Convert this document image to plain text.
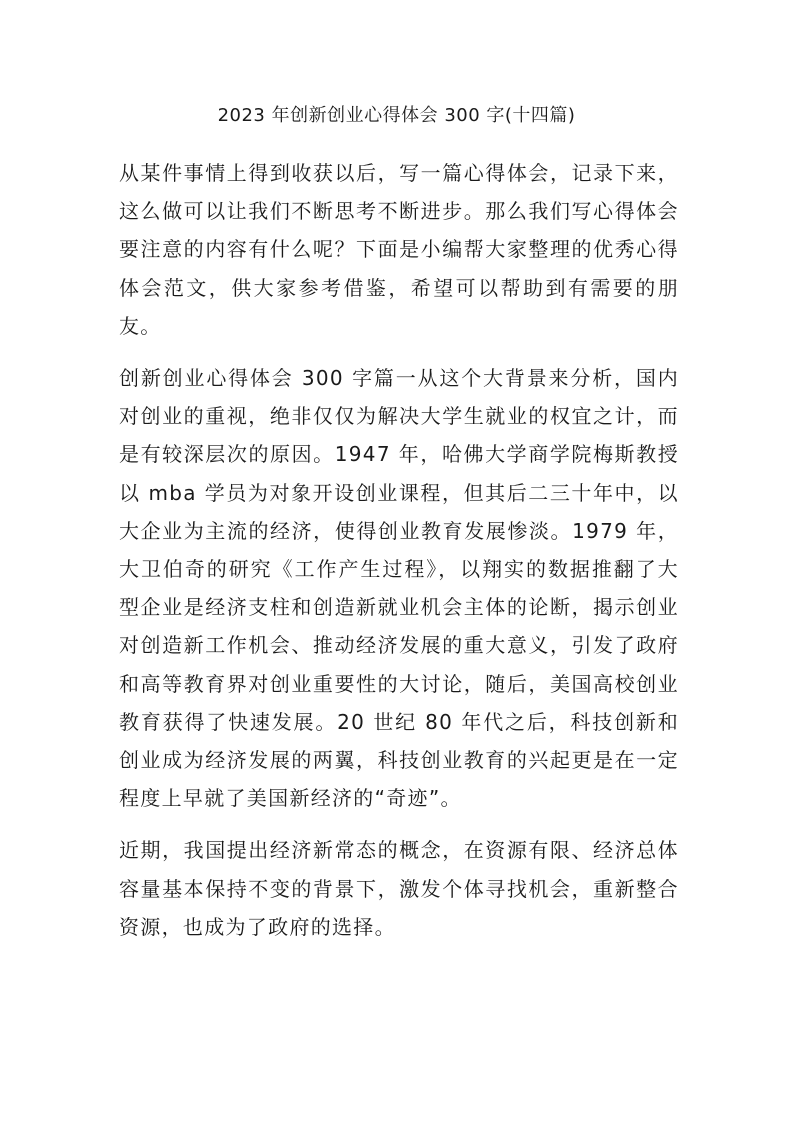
2023 年创新创业心得体会 300 字(十四篇)

从某件事情上得到收获以后，写一篇心得体会，记录下来，这么做可以让我们不断思考不断进步。那么我们写心得体会要注意的内容有什么呢？下面是小编帮大家整理的优秀心得体会范文，供大家参考借鉴，希望可以帮助到有需要的朋友。

创新创业心得体会 300 字篇一从这个大背景来分析，国内对创业的重视，绝非仅仅为解决大学生就业的权宜之计，而是有较深层次的原因。1947 年，哈佛大学商学院梅斯教授以 mba 学员为对象开设创业课程，但其后二三十年中，以大企业为主流的经济，使得创业教育发展惨淡。1979 年，大卫伯奇的研究《工作产生过程》，以翔实的数据推翻了大型企业是经济支柱和创造新就业机会主体的论断，揭示创业对创造新工作机会、推动经济发展的重大意义，引发了政府和高等教育界对创业重要性的大讨论，随后，美国高校创业教育获得了快速发展。20 世纪 80 年代之后，科技创新和创业成为经济发展的两翼，科技创业教育的兴起更是在一定程度上早就了美国新经济的“奇迹”。

近期，我国提出经济新常态的概念，在资源有限、经济总体容量基本保持不变的背景下，激发个体寻找机会，重新整合资源，也成为了政府的选择。
